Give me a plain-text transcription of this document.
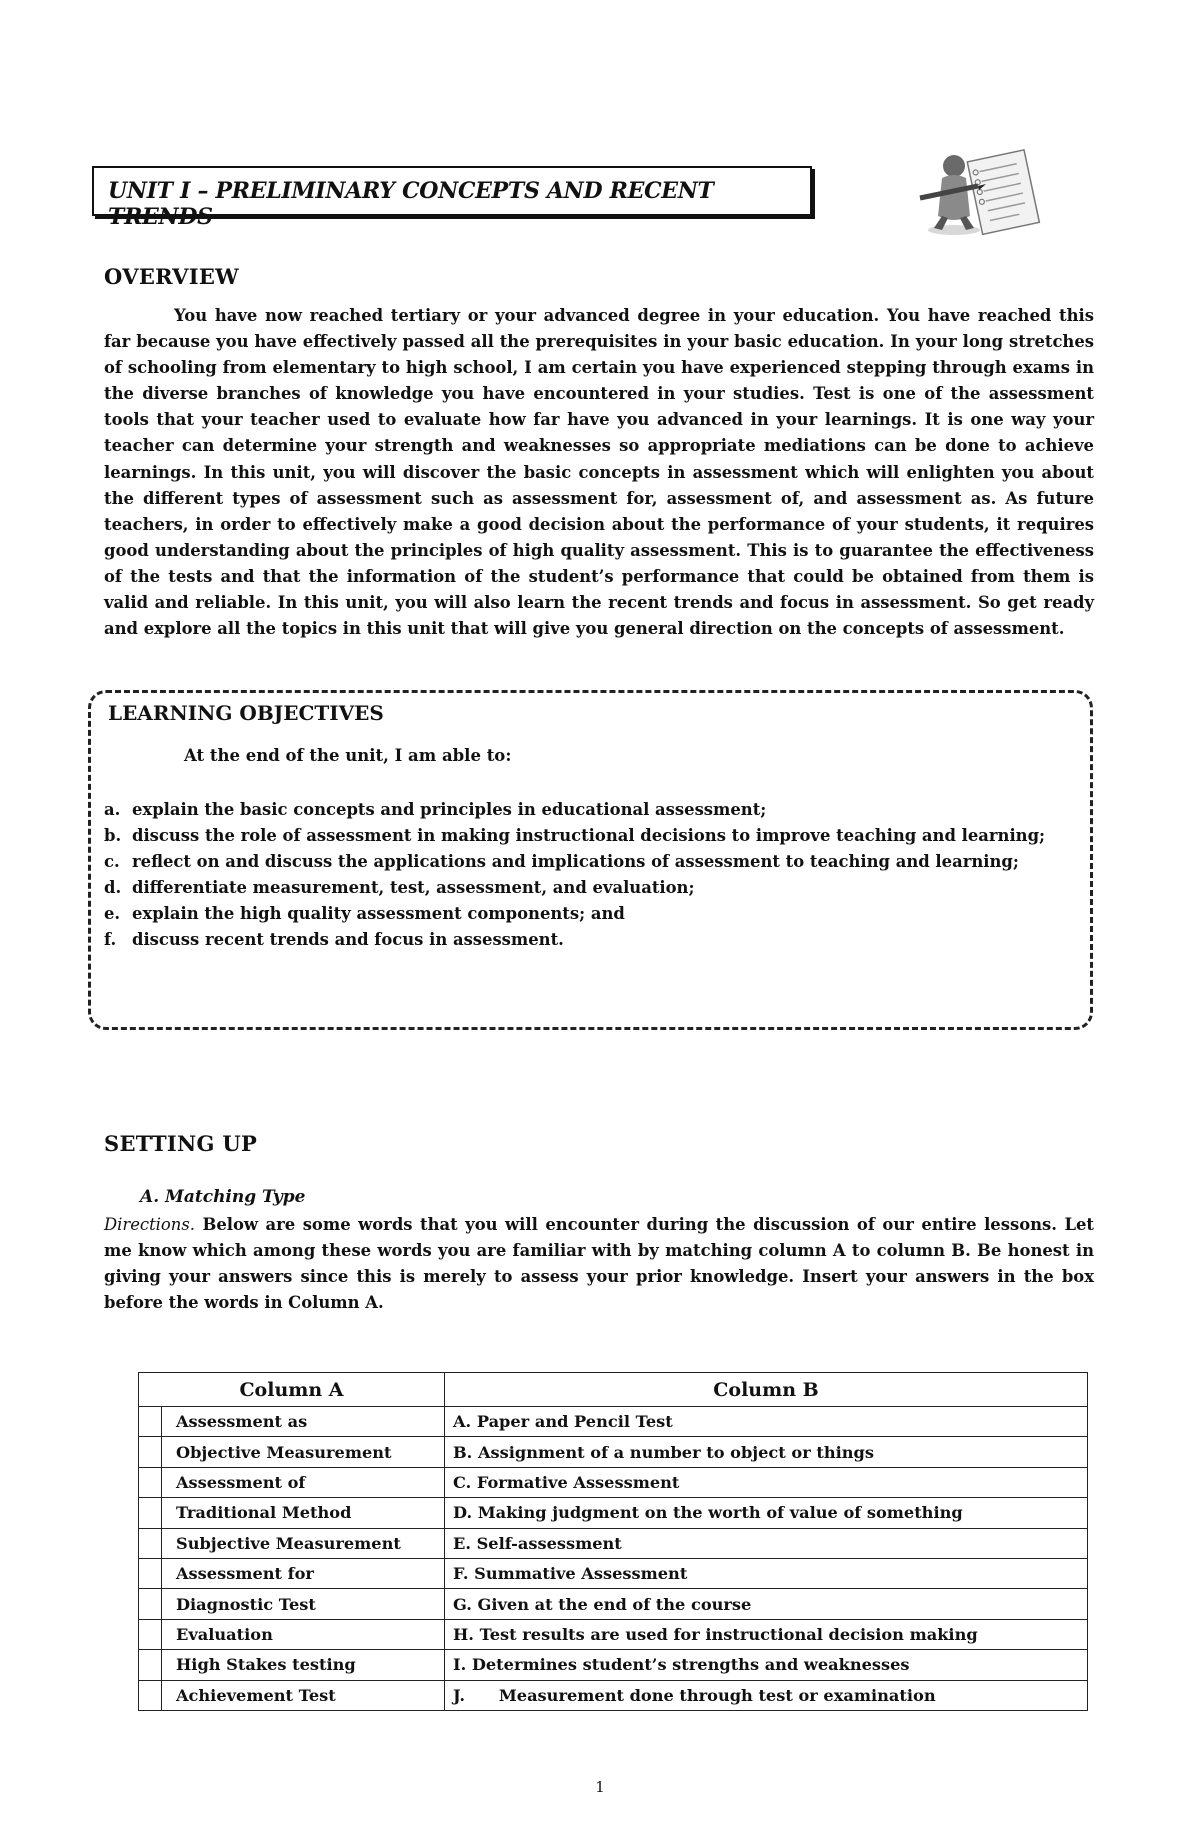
UNIT I – PRELIMINARY CONCEPTS AND RECENT TRENDS
OVERVIEW
You have now reached tertiary or your advanced degree in your education. You have reached this far because you have effectively passed all the prerequisites in your basic education. In your long stretches of schooling from elementary to high school, I am certain you have experienced stepping through exams in the diverse branches of knowledge you have encountered in your studies. Test is one of the assessment tools that your teacher used to evaluate how far have you advanced in your learnings. It is one way your teacher can determine your strength and weaknesses so appropriate mediations can be done to achieve learnings. In this unit, you will discover the basic concepts in assessment which will enlighten you about the different types of assessment such as assessment for, assessment of, and assessment as. As future teachers, in order to effectively make a good decision about the performance of your students, it requires good understanding about the principles of high quality assessment. This is to guarantee the effectiveness of the tests and that the information of the student’s performance that could be obtained from them is valid and reliable. In this unit, you will also learn the recent trends and focus in assessment. So get ready and explore all the topics in this unit that will give you general direction on the concepts of assessment.
LEARNING OBJECTIVES
At the end of the unit, I am able to:
a. explain the basic concepts and principles in educational assessment;
b. discuss the role of assessment in making instructional decisions to improve teaching and learning;
c. reflect on and discuss the applications and implications of assessment to teaching and learning;
d. differentiate measurement, test, assessment, and evaluation;
e. explain the high quality assessment components; and
f. discuss recent trends and focus in assessment.
SETTING UP
A. Matching Type
Directions. Below are some words that you will encounter during the discussion of our entire lessons. Let me know which among these words you are familiar with by matching column A to column B. Be honest in giving your answers since this is merely to assess your prior knowledge. Insert your answers in the box before the words in Column A.
Column A		Column B
	Assessment as	A. Paper and Pencil Test
	Objective Measurement	B. Assignment of a number to object or things
	Assessment of	C. Formative Assessment
	Traditional Method	D. Making judgment on the worth of value of something
	Subjective Measurement	E. Self-assessment
	Assessment for	F. Summative Assessment
	Diagnostic Test	G. Given at the end of the course
	Evaluation	H. Test results are used for instructional decision making
	High Stakes testing	I. Determines student’s strengths and weaknesses
	Achievement Test	J.      Measurement done through test or examination
1
